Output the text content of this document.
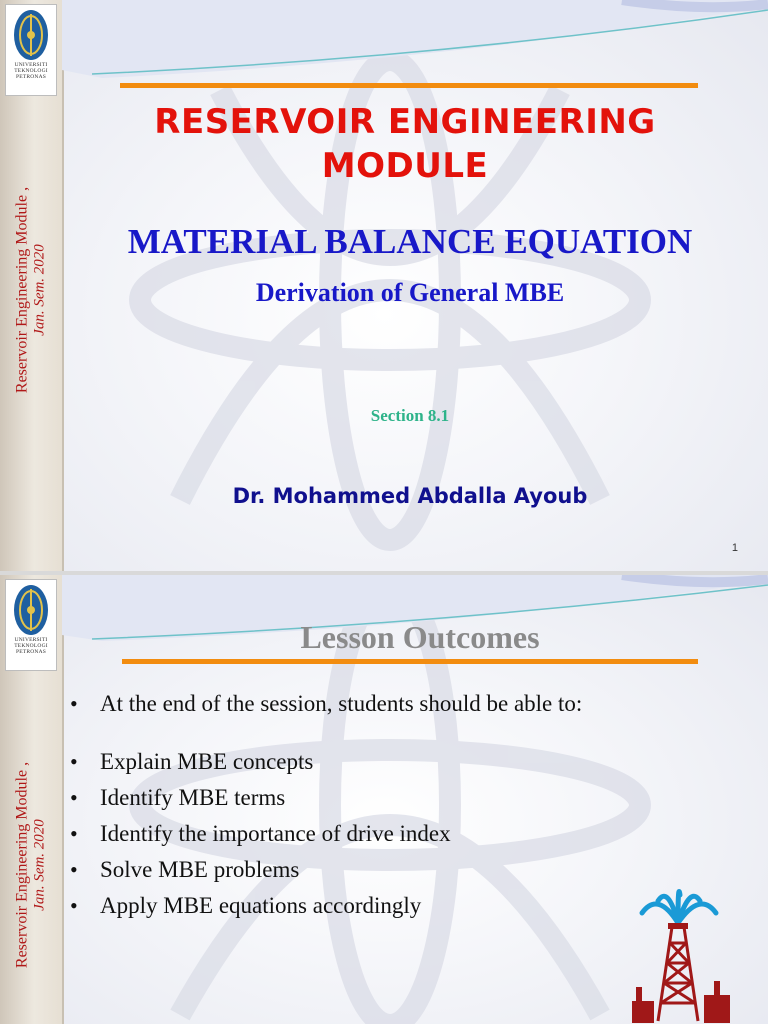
UNIVERSITI
TEKNOLOGI
PETRONAS
Reservoir Engineering Module , Jan. Sem. 2020
RESERVOIR ENGINEERING
MODULE
MATERIAL BALANCE EQUATION
Derivation of General MBE
Section 8.1
Dr. Mohammed Abdalla Ayoub
1
UNIVERSITI
TEKNOLOGI
PETRONAS
Reservoir Engineering Module , Jan. Sem. 2020
Lesson Outcomes
• At the end of the session, students should be able to:
• Explain MBE concepts
• Identify MBE terms
• Identify the importance of drive index
• Solve MBE problems
• Apply MBE equations accordingly
